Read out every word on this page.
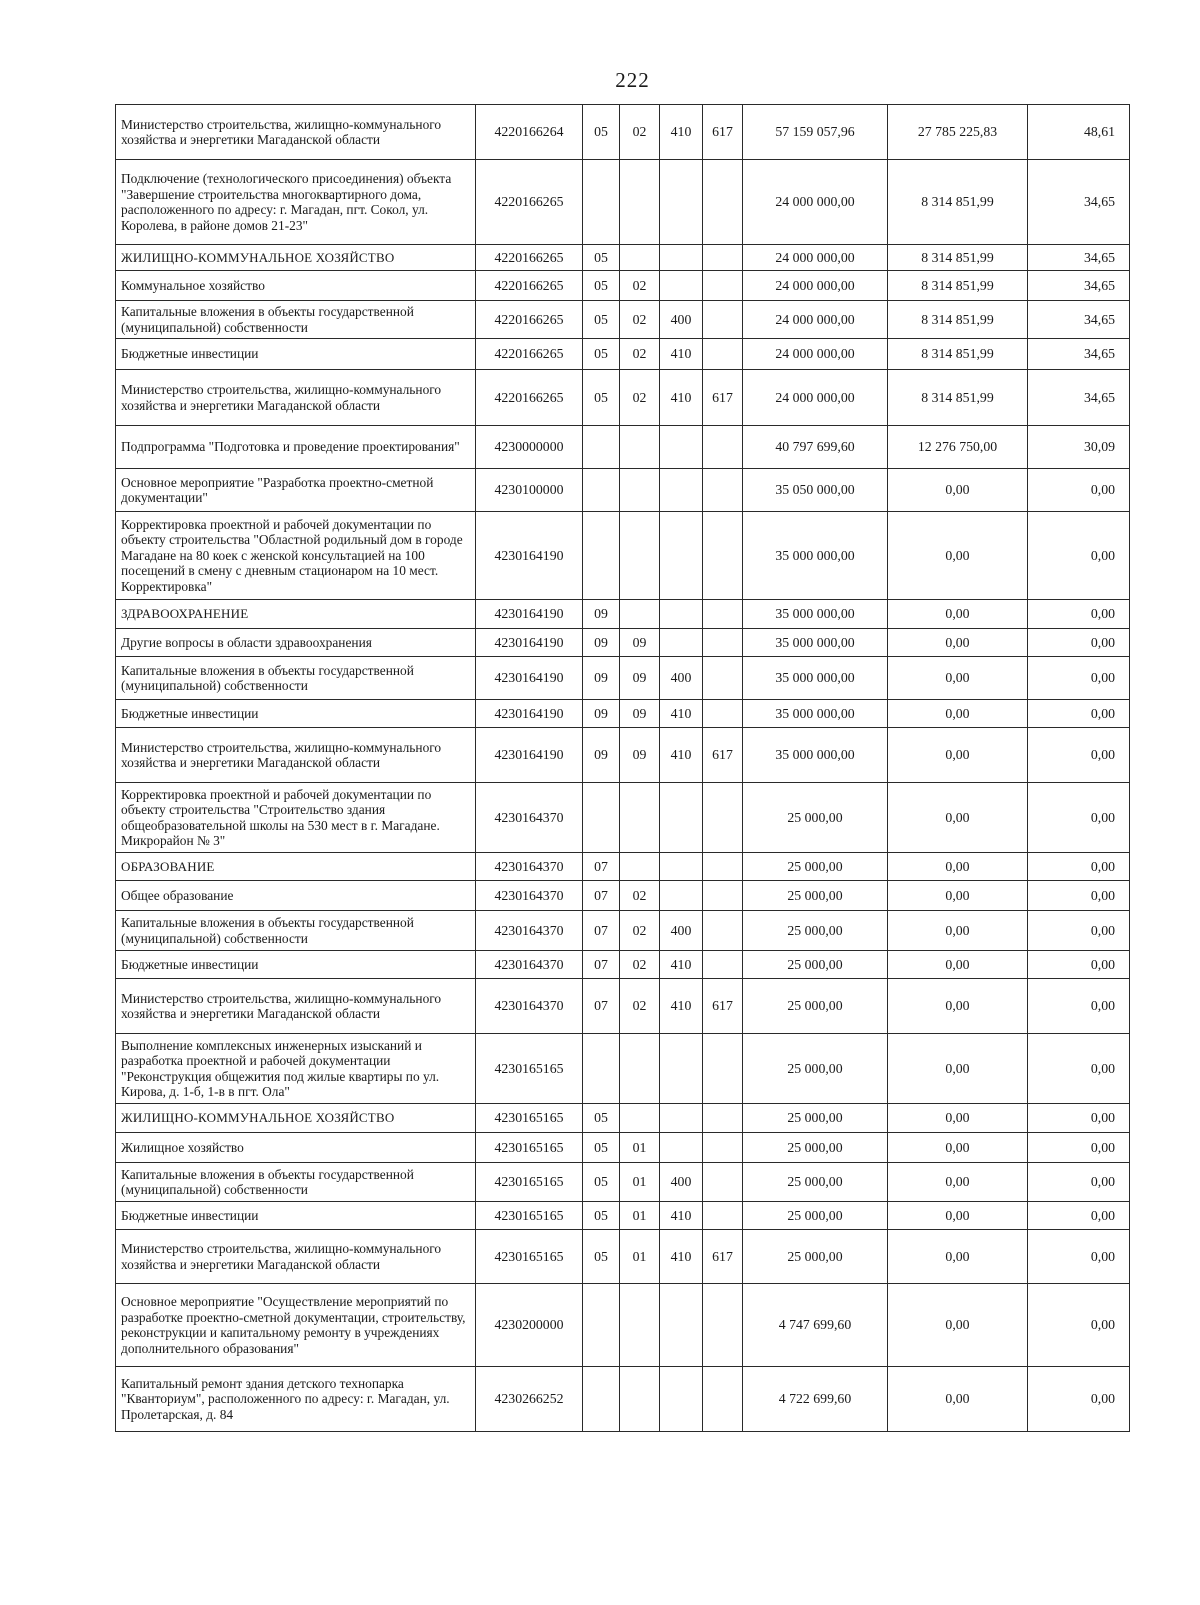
222
Министерство строительства, жилищно-коммунального хозяйства и энергетики Магаданской области	4220166264	05	02	410	617	57 159 057,96	27 785 225,83	48,61
Подключение (технологического присоединения) объекта "Завершение строительства многоквартирного дома, расположенного по адресу: г. Магадан, пгт. Сокол, ул. Королева, в районе домов 21-23"	4220166265					24 000 000,00	8 314 851,99	34,65
ЖИЛИЩНО-КОММУНАЛЬНОЕ ХОЗЯЙСТВО	4220166265	05				24 000 000,00	8 314 851,99	34,65
Коммунальное хозяйство	4220166265	05	02			24 000 000,00	8 314 851,99	34,65
Капитальные вложения в объекты государственной (муниципальной) собственности	4220166265	05	02	400		24 000 000,00	8 314 851,99	34,65
Бюджетные инвестиции	4220166265	05	02	410		24 000 000,00	8 314 851,99	34,65
Министерство строительства, жилищно-коммунального хозяйства и энергетики Магаданской области	4220166265	05	02	410	617	24 000 000,00	8 314 851,99	34,65
Подпрограмма "Подготовка и проведение проектирования"	4230000000					40 797 699,60	12 276 750,00	30,09
Основное мероприятие "Разработка проектно-сметной документации"	4230100000					35 050 000,00	0,00	0,00
Корректировка проектной и рабочей документации по объекту строительства "Областной родильный дом в городе Магадане на 80 коек с женской консультацией на 100 посещений в смену с дневным стационаром на 10 мест. Корректировка"	4230164190					35 000 000,00	0,00	0,00
ЗДРАВООХРАНЕНИЕ	4230164190	09				35 000 000,00	0,00	0,00
Другие вопросы в области здравоохранения	4230164190	09	09			35 000 000,00	0,00	0,00
Капитальные вложения в объекты государственной (муниципальной) собственности	4230164190	09	09	400		35 000 000,00	0,00	0,00
Бюджетные инвестиции	4230164190	09	09	410		35 000 000,00	0,00	0,00
Министерство строительства, жилищно-коммунального хозяйства и энергетики Магаданской области	4230164190	09	09	410	617	35 000 000,00	0,00	0,00
Корректировка проектной и рабочей документации по объекту строительства "Строительство здания общеобразовательной школы на 530 мест в г. Магадане. Микрорайон № 3"	4230164370					25 000,00	0,00	0,00
ОБРАЗОВАНИЕ	4230164370	07				25 000,00	0,00	0,00
Общее образование	4230164370	07	02			25 000,00	0,00	0,00
Капитальные вложения в объекты государственной (муниципальной) собственности	4230164370	07	02	400		25 000,00	0,00	0,00
Бюджетные инвестиции	4230164370	07	02	410		25 000,00	0,00	0,00
Министерство строительства, жилищно-коммунального хозяйства и энергетики Магаданской области	4230164370	07	02	410	617	25 000,00	0,00	0,00
Выполнение комплексных инженерных изысканий и разработка проектной и рабочей документации "Реконструкция общежития под жилые квартиры по ул. Кирова, д. 1-б, 1-в в пгт. Ола"	4230165165					25 000,00	0,00	0,00
ЖИЛИЩНО-КОММУНАЛЬНОЕ ХОЗЯЙСТВО	4230165165	05				25 000,00	0,00	0,00
Жилищное хозяйство	4230165165	05	01			25 000,00	0,00	0,00
Капитальные вложения в объекты государственной (муниципальной) собственности	4230165165	05	01	400		25 000,00	0,00	0,00
Бюджетные инвестиции	4230165165	05	01	410		25 000,00	0,00	0,00
Министерство строительства, жилищно-коммунального хозяйства и энергетики Магаданской области	4230165165	05	01	410	617	25 000,00	0,00	0,00
Основное мероприятие "Осуществление мероприятий по разработке проектно-сметной документации, строительству, реконструкции и капитальному ремонту в учреждениях дополнительного образования"	4230200000					4 747 699,60	0,00	0,00
Капитальный ремонт здания детского технопарка "Кванториум", расположенного по адресу: г. Магадан, ул. Пролетарская, д. 84	4230266252					4 722 699,60	0,00	0,00
